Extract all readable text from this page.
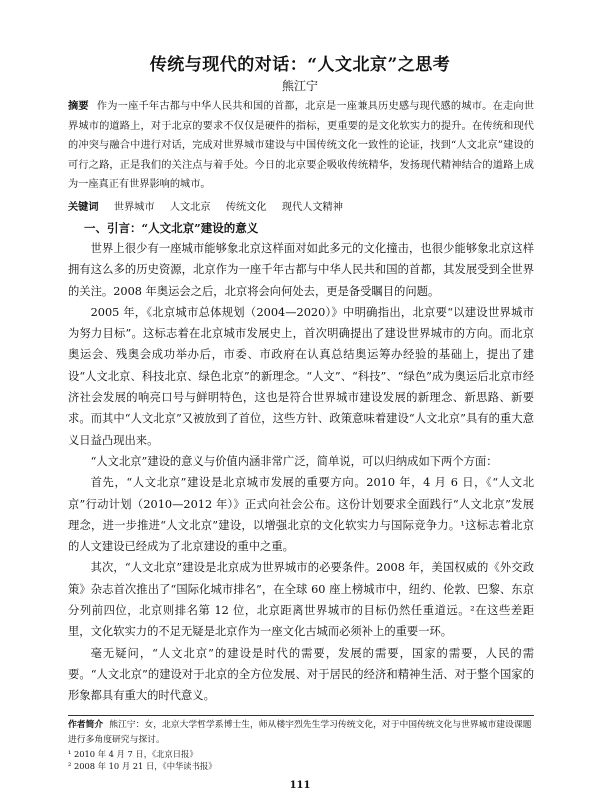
传统与现代的对话：“人文北京”之思考
熊江宁
摘要 作为一座千年古都与中华人民共和国的首都，北京是一座兼具历史感与现代感的城市。在走向世界城市的道路上，对于北京的要求不仅仅是硬件的指标，更重要的是文化软实力的提升。在传统和现代的冲突与融合中进行对话，完成对世界城市建设与中国传统文化一致性的论证，找到“人文北京”建设的可行之路，正是我们的关注点与着手处。今日的北京要企吸收传统精华，发扬现代精神结合的道路上成为一座真正有世界影响的城市。
关键词 世界城市 人文北京 传统文化 现代人文精神
一、引言：“人文北京”建设的意义

世界上很少有一座城市能够象北京这样面对如此多元的文化撞击，也很少能够象北京这样拥有这么多的历史资源，北京作为一座千年古都与中华人民共和国的首都，其发展受到全世界的关注。2008 年奥运会之后，北京将会向何处去，更是备受瞩目的问题。

2005 年，《北京城市总体规划（2004—2020）》中明确指出，北京要“以建设世界城市为努力目标”。这标志着在北京城市发展史上，首次明确提出了建设世界城市的方向。而北京奥运会、残奥会成功举办后，市委、市政府在认真总结奥运筹办经验的基础上，提出了建设“人文北京、科技北京、绿色北京”的新理念。“人文”、“科技”、“绿色”成为奥运后北京市经济社会发展的响亮口号与鲜明特色，这也是符合世界城市建设发展的新理念、新思路、新要求。而其中“人文北京”又被放到了首位，这些方针、政策意味着建设“人文北京”具有的重大意义日益凸现出来。

“人文北京”建设的意义与价值内涵非常广泛，简单说，可以归纳成如下两个方面：

首先，“人文北京”建设是北京城市发展的重要方向。2010 年，4 月 6 日，《“人文北京”行动计划（2010—2012 年）》正式向社会公布。这份计划要求全面践行“人文北京”发展理念，进一步推进“人文北京”建设，以增强北京的文化软实力与国际竞争力。¹这标志着北京的人文建设已经成为了北京建设的重中之重。

其次，“人文北京”建设是北京成为世界城市的必要条件。2008 年，美国权威的《外交政策》杂志首次推出了“国际化城市排名”，在全球 60 座上榜城市中，纽约、伦敦、巴黎、东京分列前四位，北京则排名第 12 位，北京距离世界城市的目标仍然任重道远。²在这些差距里，文化软实力的不足无疑是北京作为一座文化古城而必须补上的重要一环。

毫无疑问，“人文北京”的建设是时代的需要，发展的需要，国家的需要，人民的需要。“人文北京”的建设对于北京的全方位发展、对于居民的经济和精神生活、对于整个国家的形象都具有重大的时代意义。

作者简介 熊江宁：女，北京大学哲学系博士生，师从楼宇烈先生学习传统文化，对于中国传统文化与世界城市建设课题进行多角度研究与探讨。

¹ 2010 年 4 月 7 日，《北京日报》

² 2008 年 10 月 21 日，《中华读书报》

111
